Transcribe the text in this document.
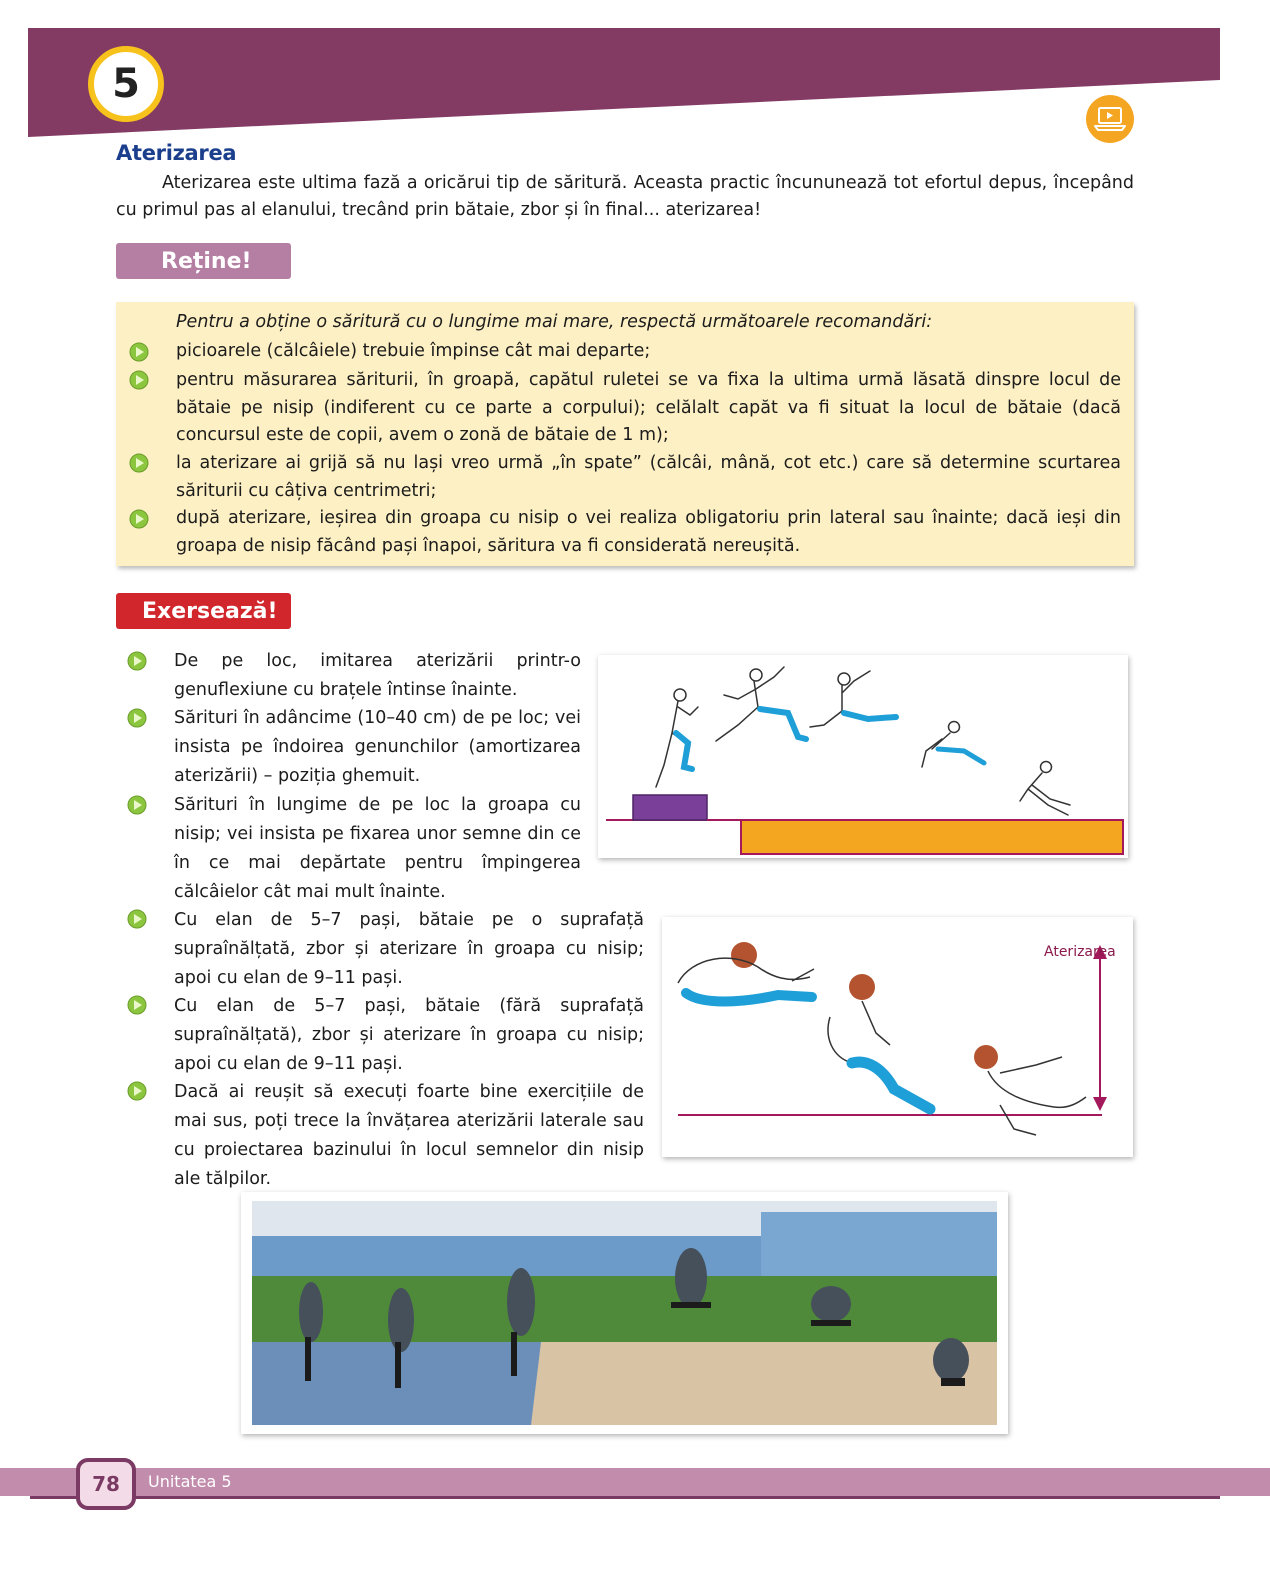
5
Aterizarea
Aterizarea este ultima fază a oricărui tip de săritură. Aceasta practic încununează tot efortul depus, începând cu primul pas al elanului, trecând prin bătaie, zbor și în final... aterizarea!
Reține!
Pentru a obține o săritură cu o lungime mai mare, respectă următoarele recomandări:
picioarele (călcâiele) trebuie împinse cât mai departe;
pentru măsurarea săriturii, în groapă, capătul ruletei se va fixa la ultima urmă lăsată dinspre locul de bătaie pe nisip (indiferent cu ce parte a corpului); celălalt capăt va fi situat la locul de bătaie (dacă concursul este de copii, avem o zonă de bătaie de 1 m);
la aterizare ai grijă să nu lași vreo urmă „în spate” (călcâi, mână, cot etc.) care să determine scurtarea săriturii cu câțiva centrimetri;
după aterizare, ieșirea din groapa cu nisip o vei realiza obligatoriu prin lateral sau înainte; dacă ieși din groapa de nisip făcând pași înapoi, săritura va fi considerată nereușită.
Exersează!
De pe loc, imitarea aterizării printr-o genuflexiune cu brațele întinse înainte.
Sărituri în adâncime (10–40 cm) de pe loc; vei insista pe îndoirea genunchilor (amortizarea aterizării) – poziția ghemuit.
Sărituri în lungime de pe loc la groapa cu nisip; vei insista pe fixarea unor semne din ce în ce mai depărtate pentru împingerea călcâielor cât mai mult înainte.
Cu elan de 5–7 pași, bătaie pe o suprafață supraînălțată, zbor și aterizare în groapa cu nisip; apoi cu elan de 9–11 pași.
Cu elan de 5–7 pași, bătaie (fără suprafață supraînălțată), zbor și aterizare în groapa cu nisip; apoi cu elan de 9–11 pași.
Dacă ai reușit să execuți foarte bine exercițiile de mai sus, poți trece la învățarea aterizării laterale sau cu proiectarea bazinului în locul semnelor din nisip ale tălpilor.
Aterizarea
78	Unitatea 5
